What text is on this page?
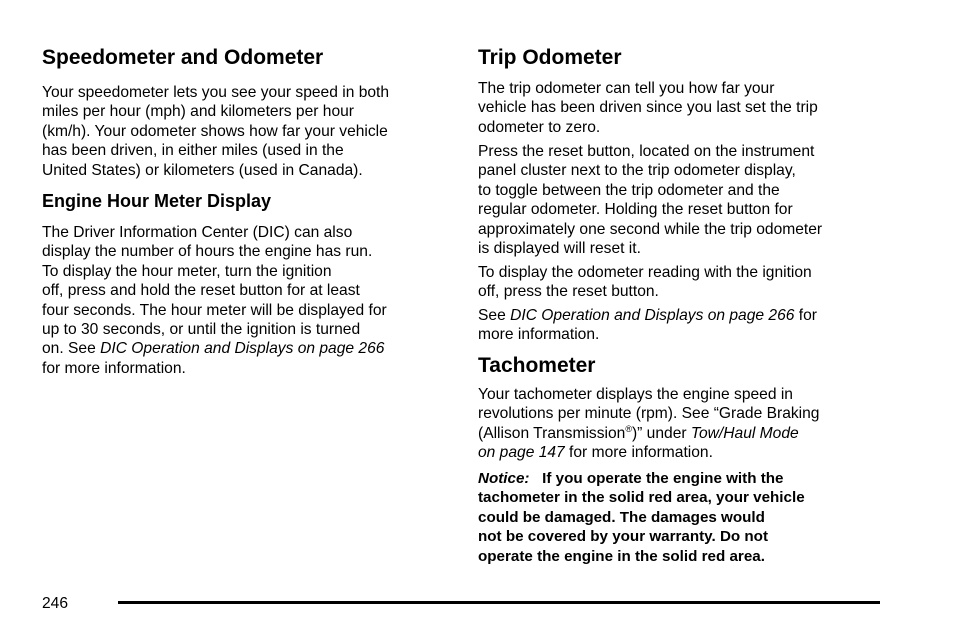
Speedometer and Odometer

Your speedometer lets you see your speed in both
miles per hour (mph) and kilometers per hour
(km/h). Your odometer shows how far your vehicle
has been driven, in either miles (used in the
United States) or kilometers (used in Canada).

Engine Hour Meter Display

The Driver Information Center (DIC) can also
display the number of hours the engine has run.
To display the hour meter, turn the ignition
off, press and hold the reset button for at least
four seconds. The hour meter will be displayed for
up to 30 seconds, or until the ignition is turned
on. See DIC Operation and Displays on page 266
for more information.

Trip Odometer

The trip odometer can tell you how far your
vehicle has been driven since you last set the trip
odometer to zero.

Press the reset button, located on the instrument
panel cluster next to the trip odometer display,
to toggle between the trip odometer and the
regular odometer. Holding the reset button for
approximately one second while the trip odometer
is displayed will reset it.

To display the odometer reading with the ignition
off, press the reset button.

See DIC Operation and Displays on page 266 for
more information.

Tachometer

Your tachometer displays the engine speed in
revolutions per minute (rpm). See “Grade Braking
(Allison Transmission®)” under Tow/Haul Mode
on page 147 for more information.

Notice: If you operate the engine with the
tachometer in the solid red area, your vehicle
could be damaged. The damages would
not be covered by your warranty. Do not
operate the engine in the solid red area.

246
